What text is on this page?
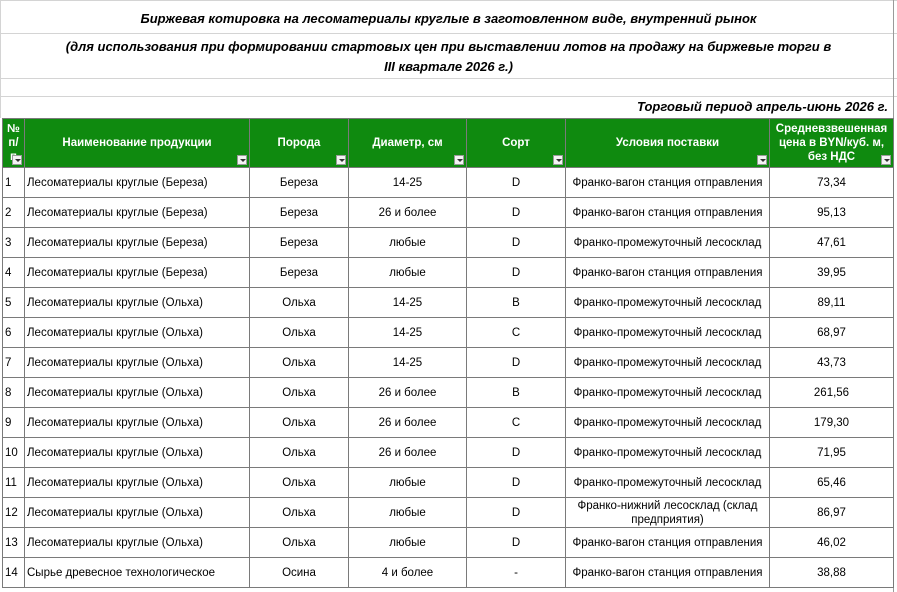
Биржевая котировка на лесоматериалы круглые в заготовленном виде, внутренний рынок
(для использования при формировании стартовых цен при выставлении лотов на продажу на биржевые торги в
III квартале 2026 г.)
Торговый период апрель-июнь 2026 г.
№ п/	Наименование продукции	Порода	Диаметр, см	Сорт	Условия поставки	Средневзвешенная цена в BYN/куб. м, без НДС

1	Лесоматериалы круглые (Береза)	Береза	14-25	D	Франко-вагон станция отправления	73,34
2	Лесоматериалы круглые (Береза)	Береза	26 и более	D	Франко-вагон станция отправления	95,13
3	Лесоматериалы круглые (Береза)	Береза	любые	D	Франко-промежуточный лесосклад	47,61
4	Лесоматериалы круглые (Береза)	Береза	любые	D	Франко-вагон станция отправления	39,95
5	Лесоматериалы круглые (Ольха)	Ольха	14-25	B	Франко-промежуточный лесосклад	89,11
6	Лесоматериалы круглые (Ольха)	Ольха	14-25	C	Франко-промежуточный лесосклад	68,97
7	Лесоматериалы круглые (Ольха)	Ольха	14-25	D	Франко-промежуточный лесосклад	43,73
8	Лесоматериалы круглые (Ольха)	Ольха	26 и более	B	Франко-промежуточный лесосклад	261,56
9	Лесоматериалы круглые (Ольха)	Ольха	26 и более	C	Франко-промежуточный лесосклад	179,30
10	Лесоматериалы круглые (Ольха)	Ольха	26 и более	D	Франко-промежуточный лесосклад	71,95
11	Лесоматериалы круглые (Ольха)	Ольха	любые	D	Франко-промежуточный лесосклад	65,46
12	Лесоматериалы круглые (Ольха)	Ольха	любые	D	Франко-нижний лесосклад (склад предприятия)	86,97
13	Лесоматериалы круглые (Ольха)	Ольха	любые	D	Франко-вагон станция отправления	46,02
14	Сырье древесное технологическое	Осина	4 и более	-	Франко-вагон станция отправления	38,88
